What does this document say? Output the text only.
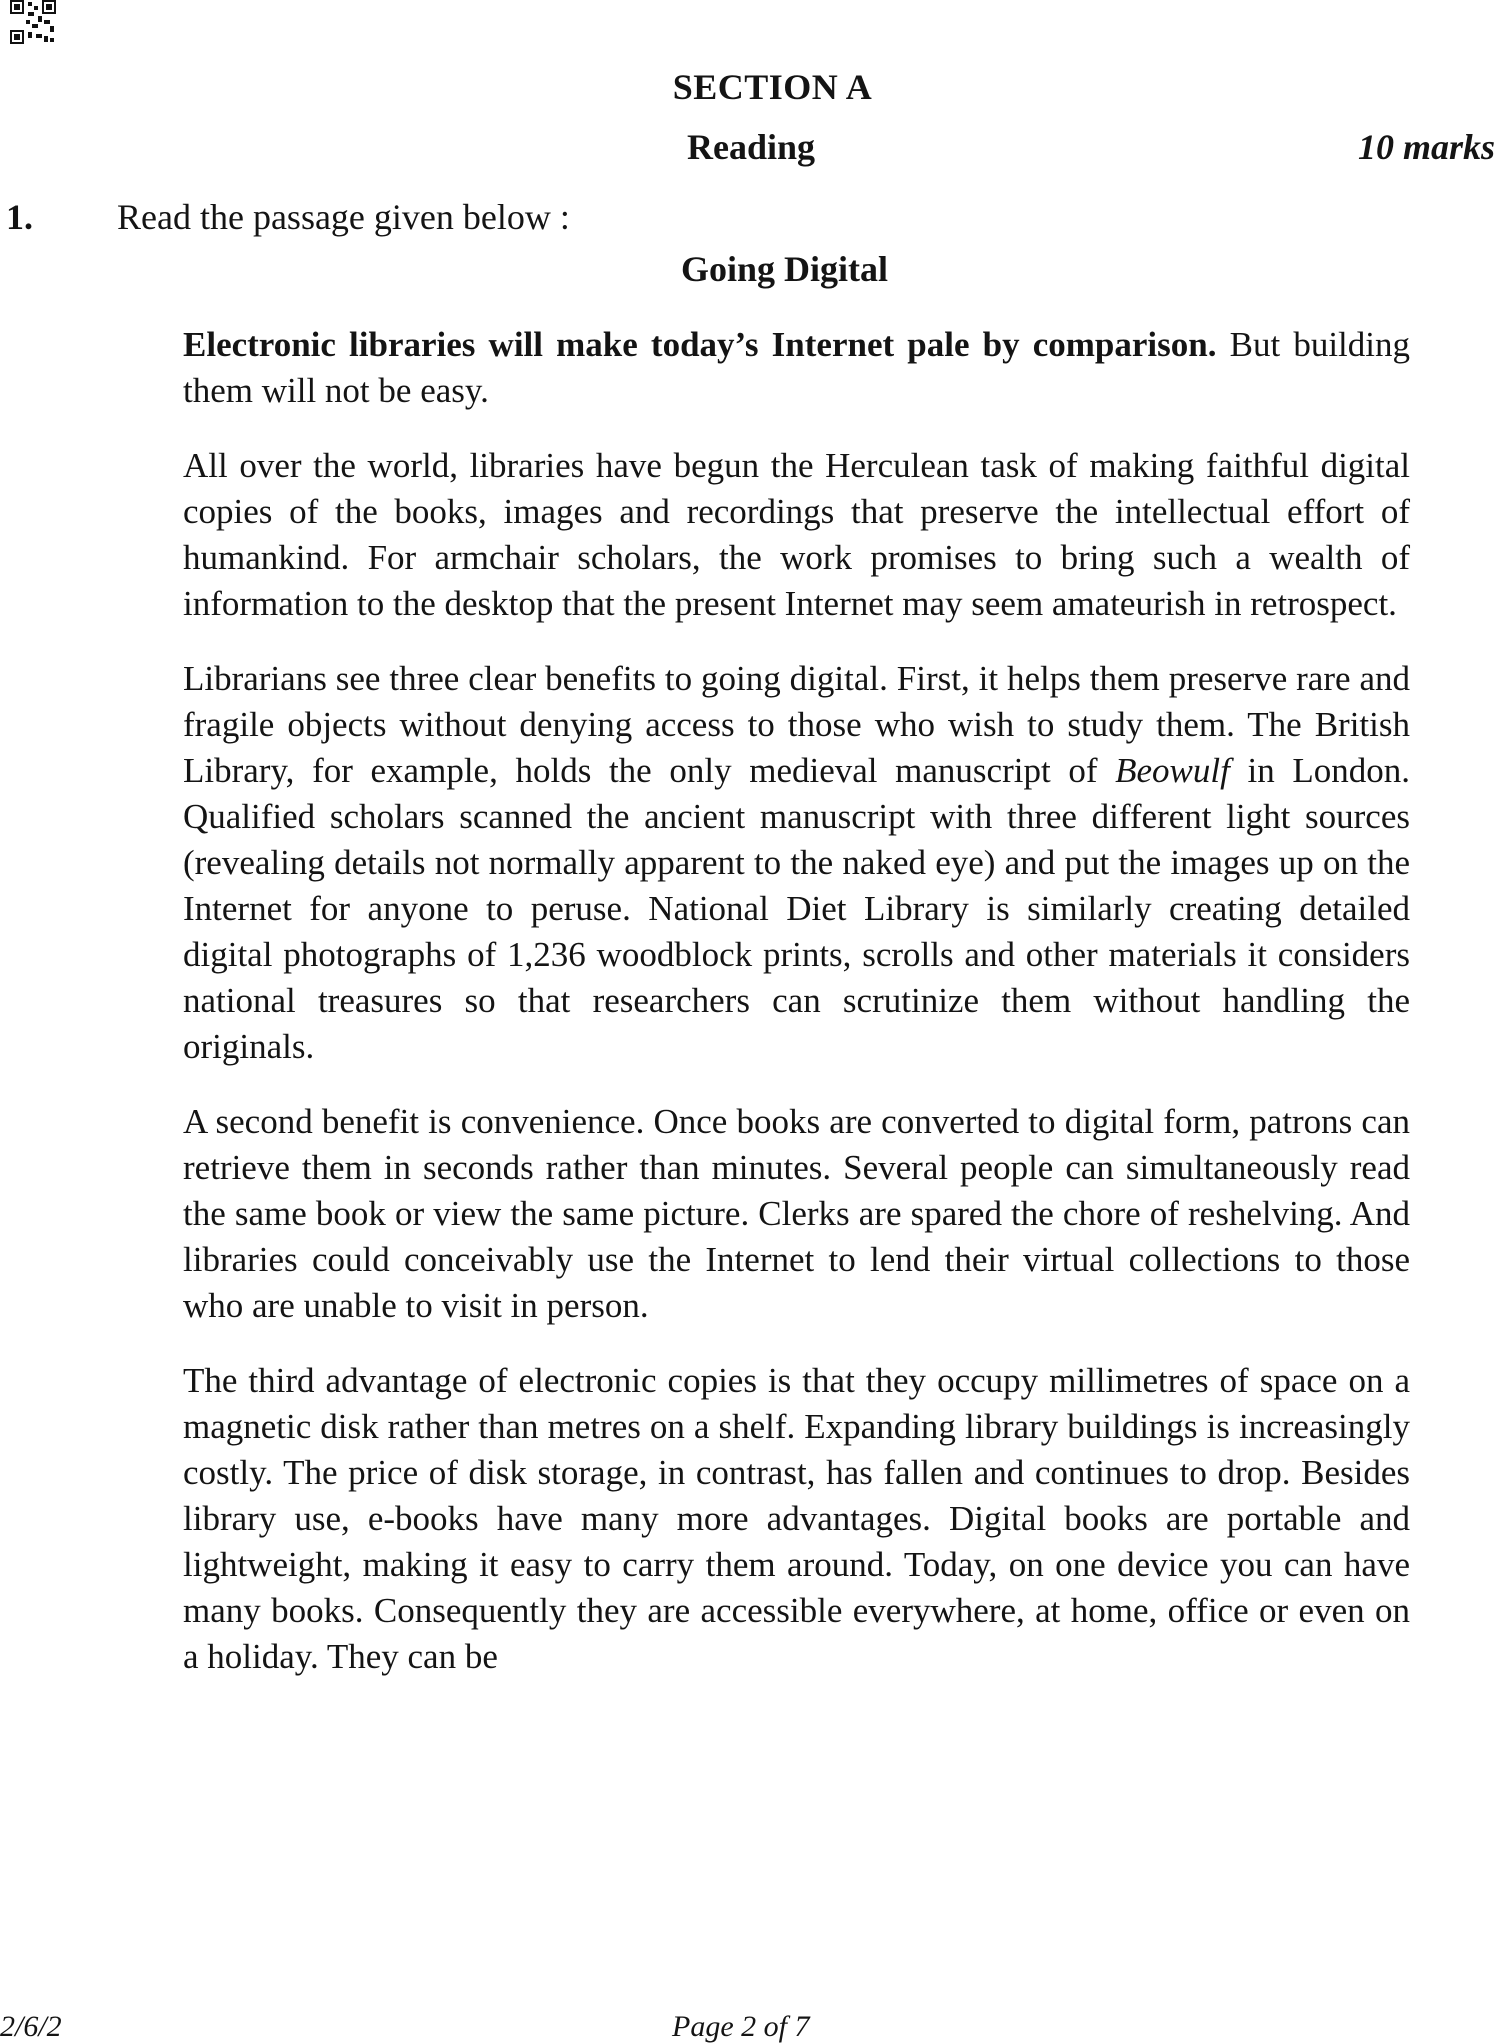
SECTION A
Reading	10 marks
1. Read the passage given below :
Going Digital

Electronic libraries will make today’s Internet pale by comparison. But building them will not be easy.

All over the world, libraries have begun the Herculean task of making faithful digital copies of the books, images and recordings that preserve the intellectual effort of humankind. For armchair scholars, the work promises to bring such a wealth of information to the desktop that the present Internet may seem amateurish in retrospect.

Librarians see three clear benefits to going digital. First, it helps them preserve rare and fragile objects without denying access to those who wish to study them. The British Library, for example, holds the only medieval manuscript of Beowulf in London. Qualified scholars scanned the ancient manuscript with three different light sources (revealing details not normally apparent to the naked eye) and put the images up on the Internet for anyone to peruse. National Diet Library is similarly creating detailed digital photographs of 1,236 woodblock prints, scrolls and other materials it considers national treasures so that researchers can scrutinize them without handling the originals.

A second benefit is convenience. Once books are converted to digital form, patrons can retrieve them in seconds rather than minutes. Several people can simultaneously read the same book or view the same picture. Clerks are spared the chore of reshelving. And libraries could conceivably use the Internet to lend their virtual collections to those who are unable to visit in person.

The third advantage of electronic copies is that they occupy millimetres of space on a magnetic disk rather than metres on a shelf. Expanding library buildings is increasingly costly. The price of disk storage, in contrast, has fallen and continues to drop. Besides library use, e-books have many more advantages. Digital books are portable and lightweight, making it easy to carry them around. Today, on one device you can have many books. Consequently they are accessible everywhere, at home, office or even on a holiday. They can be

2/6/2	Page 2 of 7
